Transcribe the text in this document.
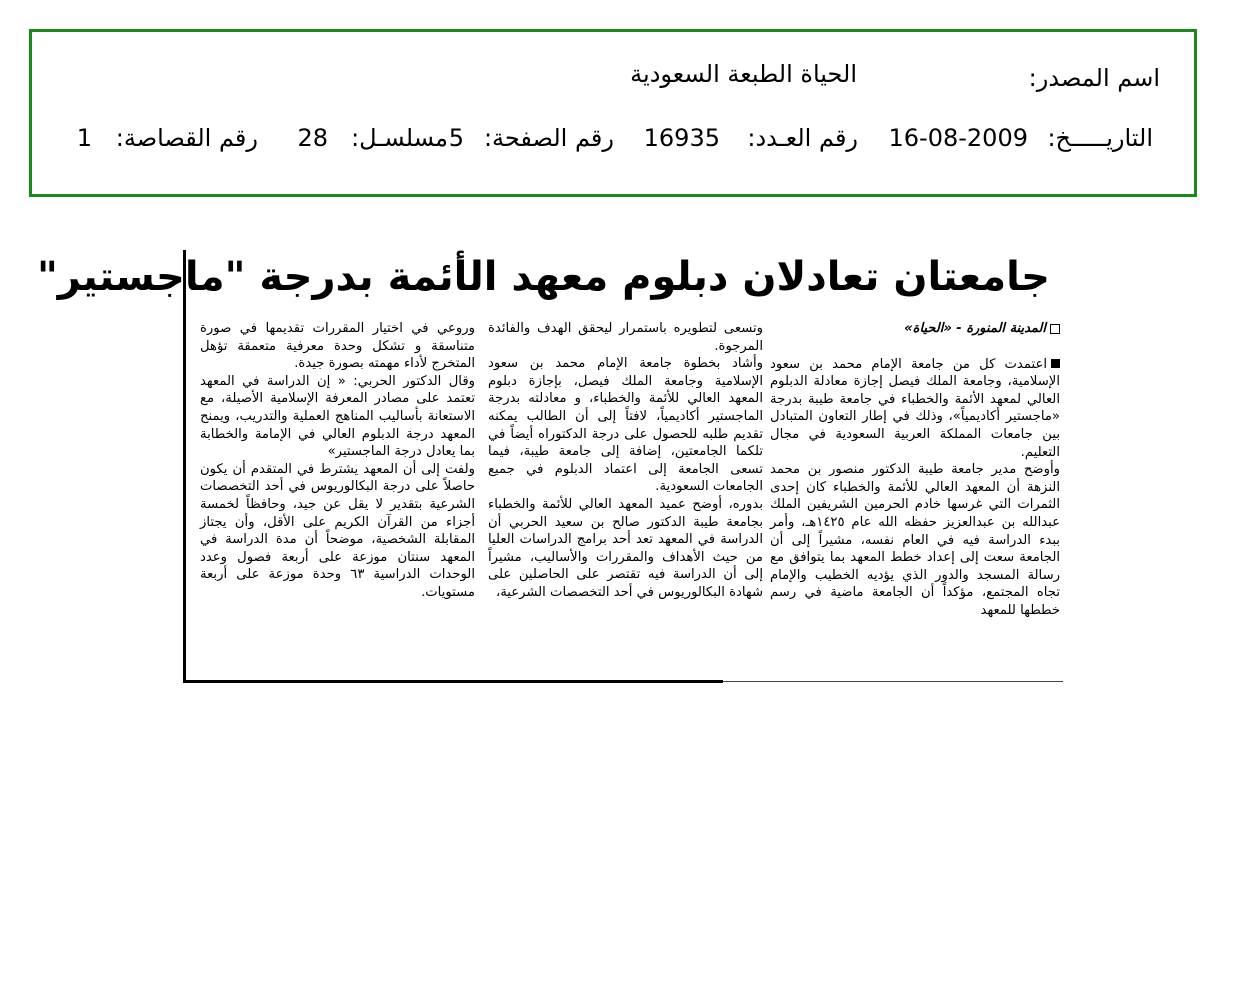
اسم المصدر:
الحياة الطبعة السعودية
التاريـــــخ:
16-08-2009
رقم العـدد:
16935
رقم الصفحة:
5
مسلسـل:
28
رقم القصاصة:
1
جامعتان تعادلان دبلوم معهد الأئمة بدرجة "ماجستير"

المدينة المنورة - «الحياة»

اعتمدت كل من جامعة الإمام محمد بن سعود الإسلامية، وجامعة الملك فيصل إجازة معادلة الدبلوم العالي لمعهد الأئمة والخطباء في جامعة طيبة بدرجة «ماجستير أكاديمياً»، وذلك في إطار التعاون المتبادل بين جامعات المملكة العربية السعودية في مجال التعليم.

وأوضح مدير جامعة طيبة الدكتور منصور بن محمد النزهة أن المعهد العالي للأئمة والخطباء كان إحدى الثمرات التي غرسها خادم الحرمين الشريفين الملك عبدالله بن عبدالعزيز حفظه الله عام ١٤٢٥هـ، وأمر ببدء الدراسة فيه في العام نفسه، مشيراً إلى أن الجامعة سعت إلى إعداد خطط المعهد بما يتوافق مع رسالة المسجد والدور الذي يؤديه الخطيب والإمام تجاه المجتمع، مؤكداً أن الجامعة ماضية في رسم خططها للمعهد

وتسعى لتطويره باستمرار ليحقق الهدف والفائدة المرجوة.

وأشاد بخطوة جامعة الإمام محمد بن سعود الإسلامية وجامعة الملك فيصل، بإجازة دبلوم المعهد العالي للأئمة والخطباء، و معادلته بدرجة الماجستير أكاديمياً، لافتاً إلى أن الطالب يمكنه تقديم طلبه للحصول على درجة الدكتوراه أيضاً في تلكما الجامعتين، إضافة إلى جامعة طيبة، فيما تسعى الجامعة إلى اعتماد الدبلوم في جميع الجامعات السعودية.

بدوره، أوضح عميد المعهد العالي للأئمة والخطباء بجامعة طيبة الدكتور صالح بن سعيد الحربي أن الدراسة في المعهد تعد أحد برامج الدراسات العليا من حيث الأهداف والمقررات والأساليب، مشيراً إلى أن الدراسة فيه تقتصر على الحاصلين على شهادة البكالوريوس في أحد التخصصات الشرعية،

وروعي في اختيار المقررات تقديمها في صورة متناسقة و تشكل وحدة معرفية متعمقة تؤهل المتخرج لأداء مهمته بصورة جيدة.

وقال الدكتور الحربي: « إن الدراسة في المعهد تعتمد على مصادر المعرفة الإسلامية الأصيلة، مع الاستعانة بأساليب المناهج العملية والتدريب، ويمنح المعهد درجة الدبلوم العالي في الإمامة والخطابة بما يعادل درجة الماجستير»

ولفت إلى أن المعهد يشترط في المتقدم أن يكون حاصلاً على درجة البكالوريوس في أحد التخصصات الشرعية بتقدير لا يقل عن جيد، وحافظاً لخمسة أجزاء من القرآن الكريم على الأقل، وأن يجتاز المقابلة الشخصية، موضحاً أن مدة الدراسة في المعهد سنتان موزعة على أربعة فصول وعدد الوحدات الدراسية ٦٣ وحدة موزعة على أربعة مستويات.
